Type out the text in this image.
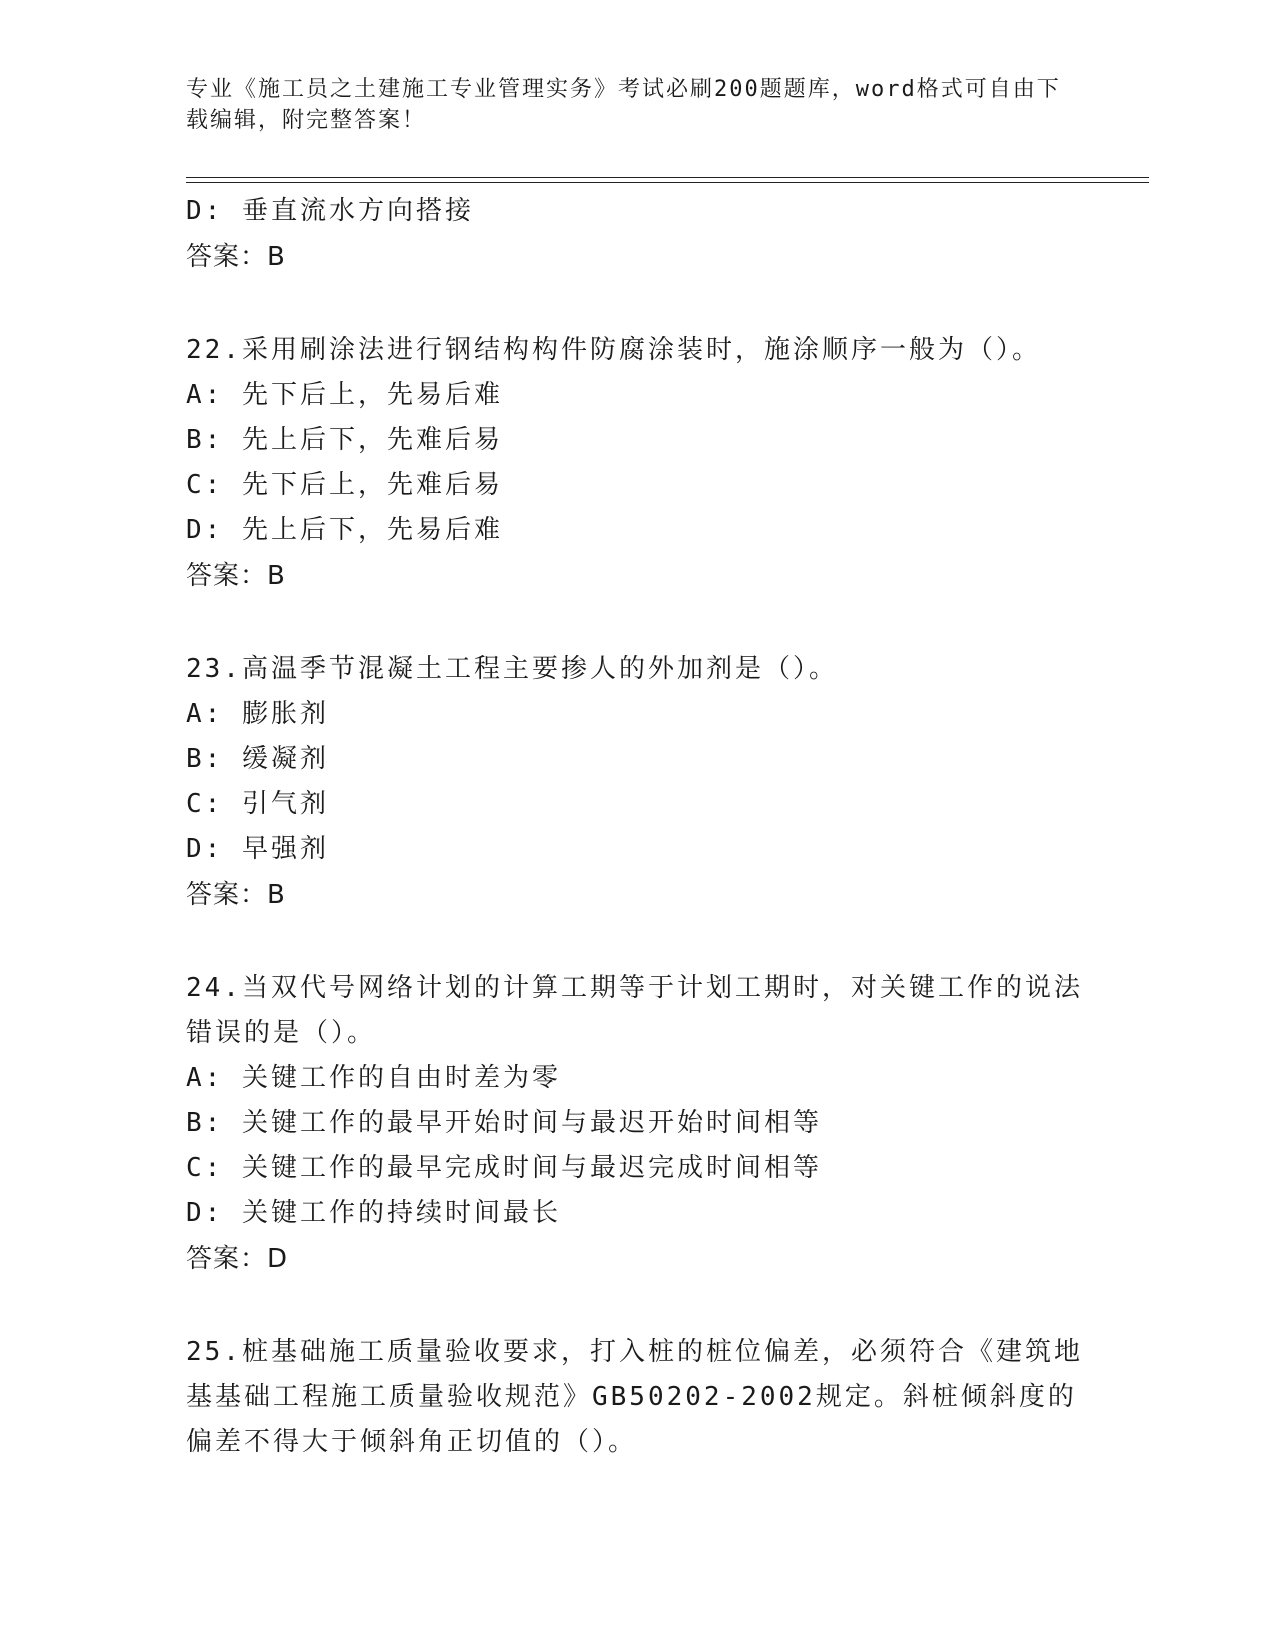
专业《施工员之土建施工专业管理实务》考试必刷200题题库，word格式可自由下载编辑，附完整答案！
D: 垂直流水方向搭接
答案：B
22.采用刷涂法进行钢结构构件防腐涂装时，施涂顺序一般为（）。
A: 先下后上，先易后难
B: 先上后下，先难后易
C: 先下后上，先难后易
D: 先上后下，先易后难
答案：B
23.高温季节混凝土工程主要掺人的外加剂是（）。
A: 膨胀剂
B: 缓凝剂
C: 引气剂
D: 早强剂
答案：B
24.当双代号网络计划的计算工期等于计划工期时，对关键工作的说法错误的是（）。
A: 关键工作的自由时差为零
B: 关键工作的最早开始时间与最迟开始时间相等
C: 关键工作的最早完成时间与最迟完成时间相等
D: 关键工作的持续时间最长
答案：D
25.桩基础施工质量验收要求，打入桩的桩位偏差，必须符合《建筑地基基础工程施工质量验收规范》GB50202-2002规定。斜桩倾斜度的偏差不得大于倾斜角正切值的（）。
